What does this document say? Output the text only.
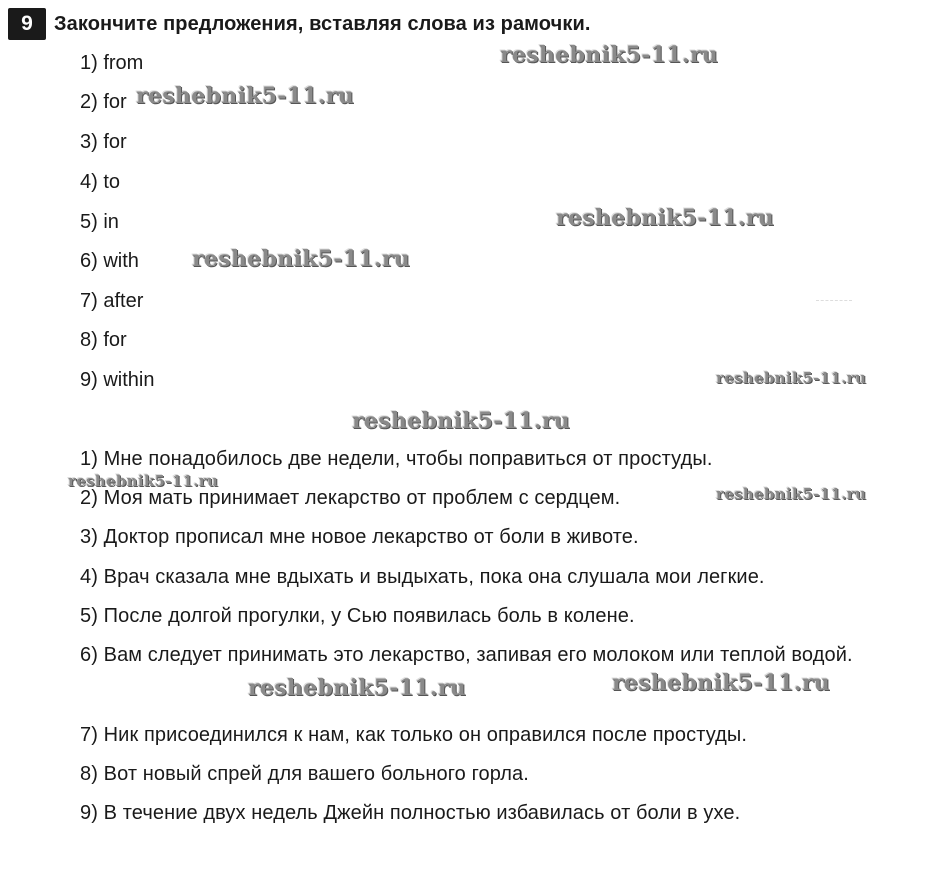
9	Закончите предложения, вставляя слова из рамочки.
1) from
2) for
3) for
4) to
5) in
6) with
7) after
8) for
9) within
1) Мне понадобилось две недели, чтобы поправиться от простуды.
2) Моя мать принимает лекарство от проблем с сердцем.
3) Доктор прописал мне новое лекарство от боли в животе.
4) Врач сказала мне вдыхать и выдыхать, пока она слушала мои легкие.
5) После долгой прогулки, у Сью появилась боль в колене.
6) Вам следует принимать это лекарство, запивая его молоком или теплой водой.
7) Ник присоединился к нам, как только он оправился после простуды.
8) Вот новый спрей для вашего больного горла.
9) В течение двух недель Джейн полностью избавилась от боли в ухе.
reshebnik5-11.ru
reshebnik5-11.ru
reshebnik5-11.ru
reshebnik5-11.ru
reshebnik5-11.ru
reshebnik5-11.ru
reshebnik5-11.ru
reshebnik5-11.ru
reshebnik5-11.ru	reshebnik5-11.ru
